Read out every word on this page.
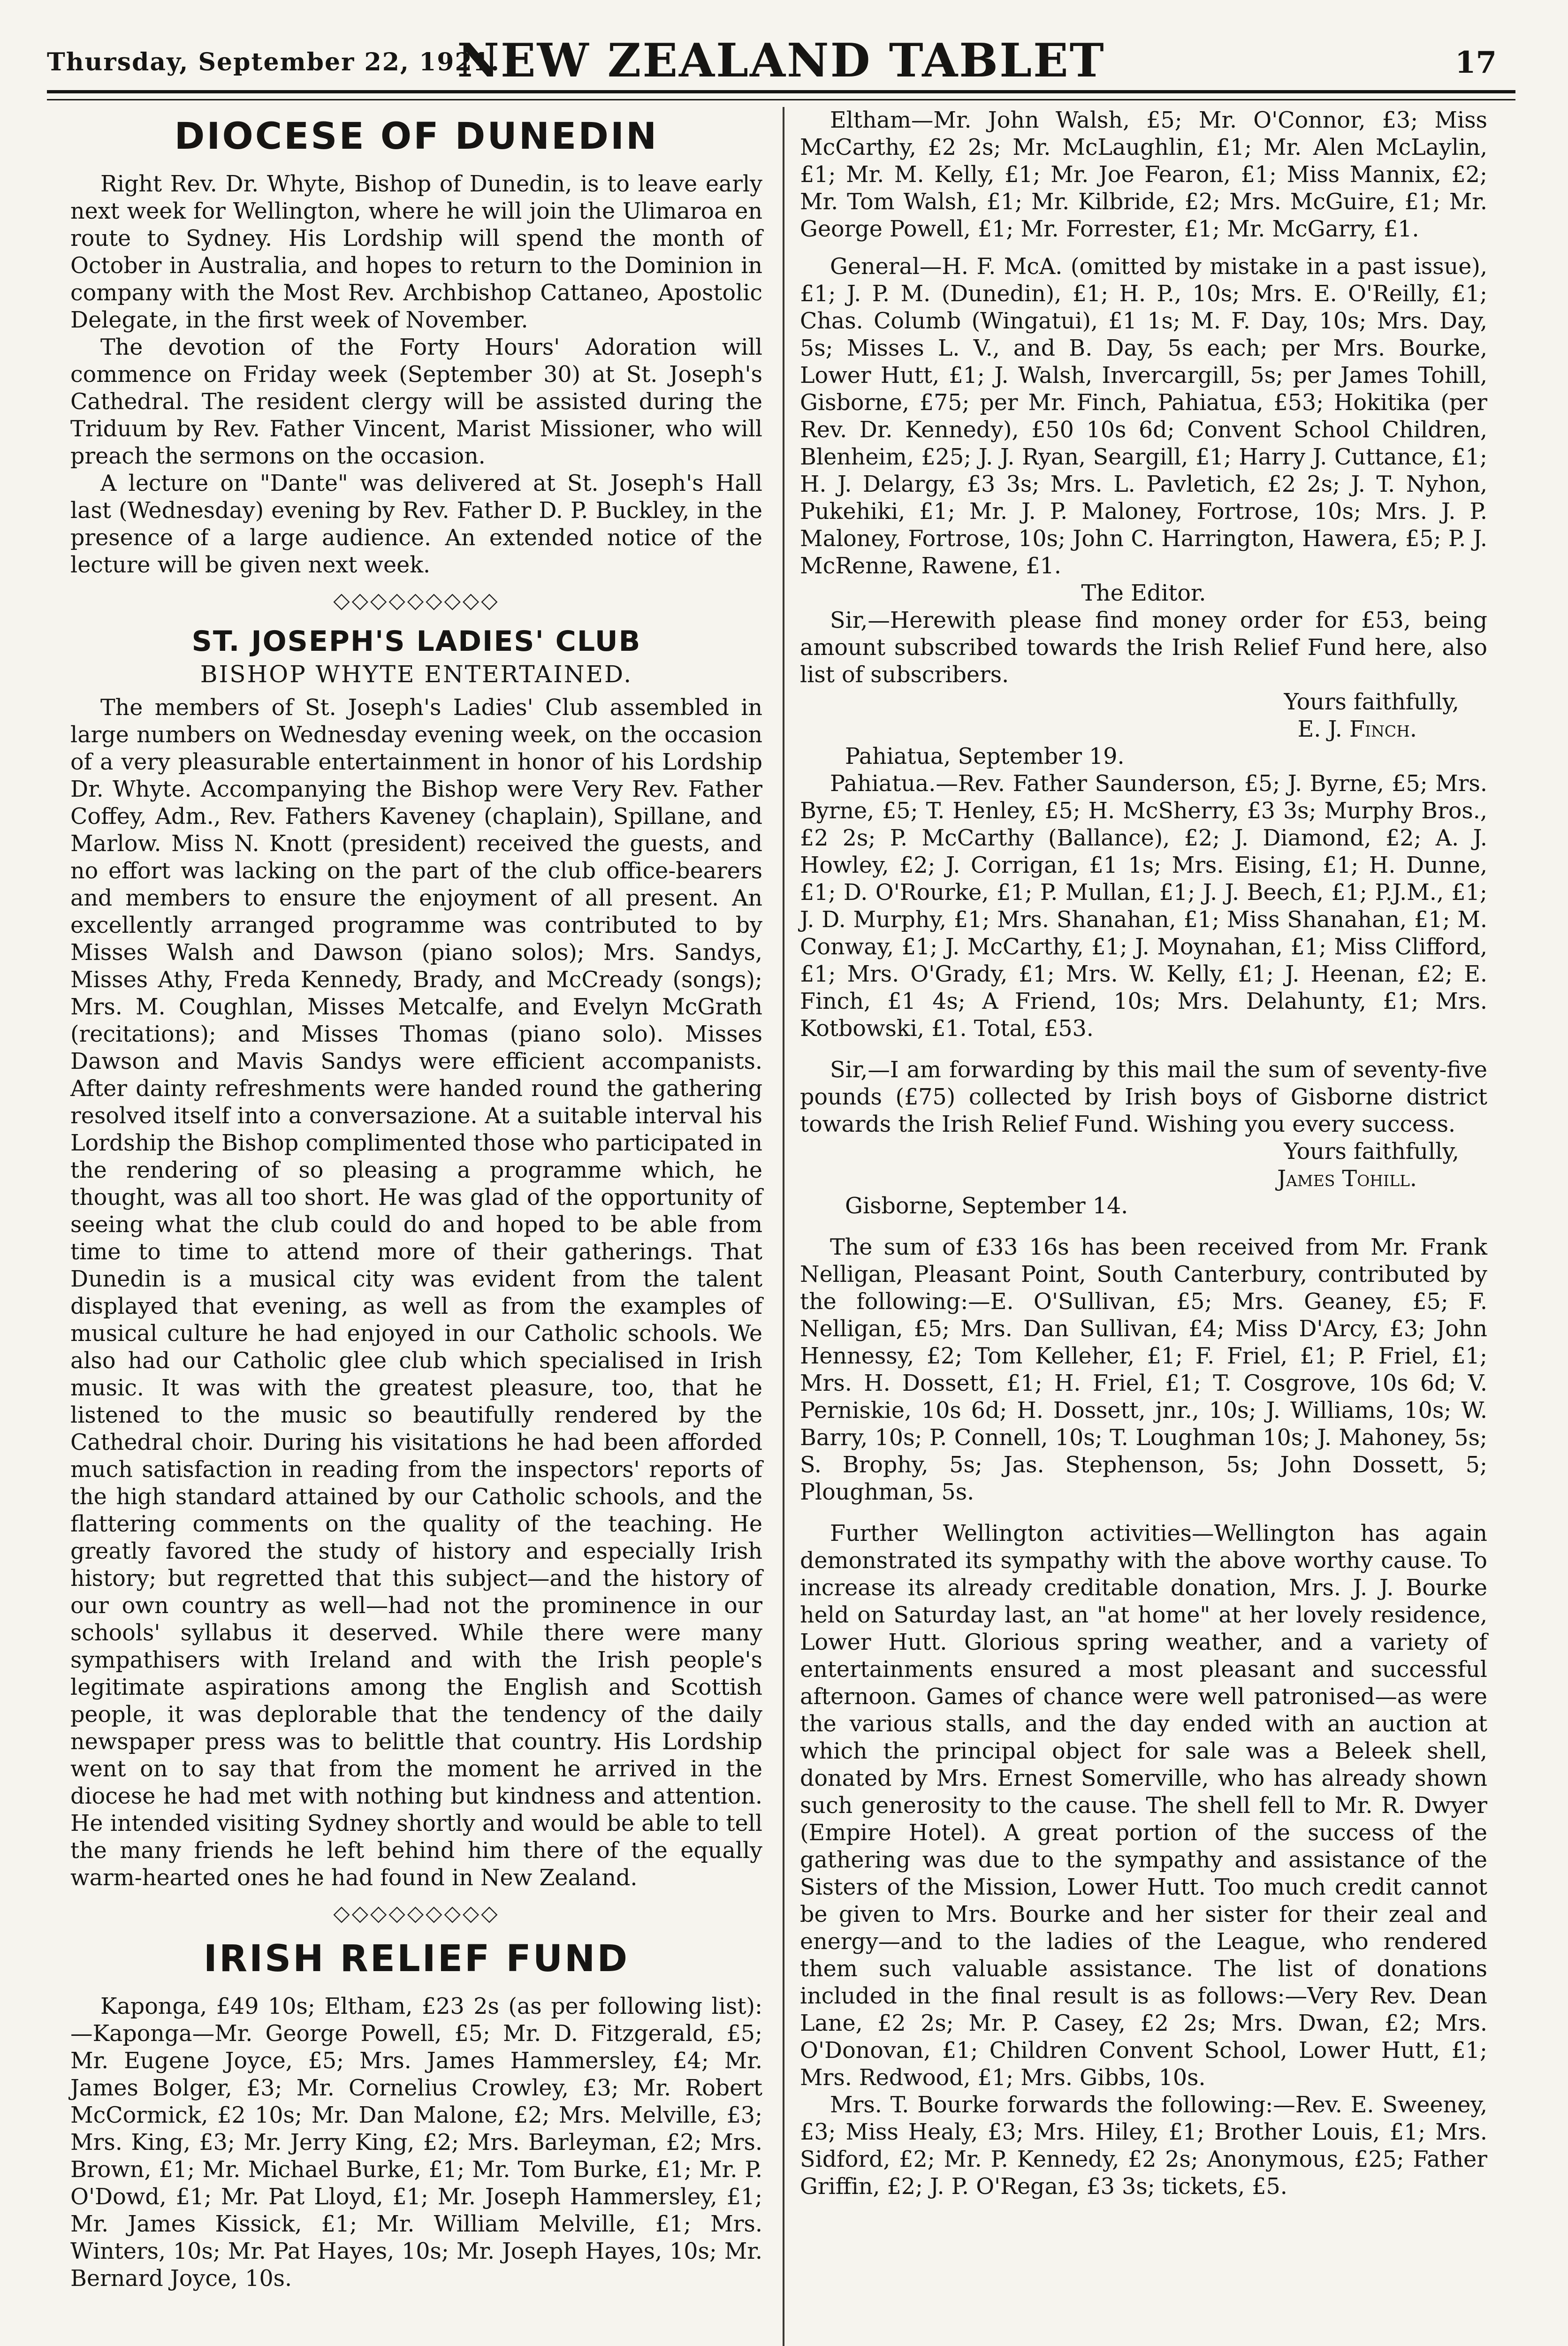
Thursday, September 22, 1921.
NEW ZEALAND TABLET	17
DIOCESE OF DUNEDIN

Right Rev. Dr. Whyte, Bishop of Dunedin, is to leave early next week for Wellington, where he will join the Ulimaroa en route to Sydney. His Lordship will spend the month of October in Australia, and hopes to return to the Dominion in company with the Most Rev. Archbishop Cattaneo, Apostolic Delegate, in the first week of November.

The devotion of the Forty Hours' Adoration will commence on Friday week (September 30) at St. Joseph's Cathedral. The resident clergy will be assisted during the Triduum by Rev. Father Vincent, Marist Missioner, who will preach the sermons on the occasion.

A lecture on "Dante" was delivered at St. Joseph's Hall last (Wednesday) evening by Rev. Father D. P. Buckley, in the presence of a large audience. An extended notice of the lecture will be given next week.

◇◇◇◇◇◇◇◇◇
ST. JOSEPH'S LADIES' CLUB
BISHOP WHYTE ENTERTAINED.

The members of St. Joseph's Ladies' Club assembled in large numbers on Wednesday evening week, on the occasion of a very pleasurable entertainment in honor of his Lordship Dr. Whyte. Accompanying the Bishop were Very Rev. Father Coffey, Adm., Rev. Fathers Kaveney (chaplain), Spillane, and Marlow. Miss N. Knott (president) received the guests, and no effort was lacking on the part of the club office-bearers and members to ensure the enjoyment of all present. An excellently arranged programme was contributed to by Misses Walsh and Dawson (piano solos); Mrs. Sandys, Misses Athy, Freda Kennedy, Brady, and McCready (songs); Mrs. M. Coughlan, Misses Metcalfe, and Evelyn McGrath (recitations); and Misses Thomas (piano solo). Misses Dawson and Mavis Sandys were efficient accompanists. After dainty refreshments were handed round the gathering resolved itself into a conversazione. At a suitable interval his Lordship the Bishop complimented those who participated in the rendering of so pleasing a programme which, he thought, was all too short. He was glad of the opportunity of seeing what the club could do and hoped to be able from time to time to attend more of their gatherings. That Dunedin is a musical city was evident from the talent displayed that evening, as well as from the examples of musical culture he had enjoyed in our Catholic schools. We also had our Catholic glee club which specialised in Irish music. It was with the greatest pleasure, too, that he listened to the music so beautifully rendered by the Cathedral choir. During his visitations he had been afforded much satisfaction in reading from the inspectors' reports of the high standard attained by our Catholic schools, and the flattering comments on the quality of the teaching. He greatly favored the study of history and especially Irish history; but regretted that this subject—and the history of our own country as well—had not the prominence in our schools' syllabus it deserved. While there were many sympathisers with Ireland and with the Irish people's legitimate aspirations among the English and Scottish people, it was deplorable that the tendency of the daily newspaper press was to belittle that country. His Lordship went on to say that from the moment he arrived in the diocese he had met with nothing but kindness and attention. He intended visiting Sydney shortly and would be able to tell the many friends he left behind him there of the equally warm-hearted ones he had found in New Zealand.

◇◇◇◇◇◇◇◇◇
IRISH RELIEF FUND

Kaponga, £49 10s; Eltham, £23 2s (as per following list):—Kaponga—Mr. George Powell, £5; Mr. D. Fitzgerald, £5; Mr. Eugene Joyce, £5; Mrs. James Hammersley, £4; Mr. James Bolger, £3; Mr. Cornelius Crowley, £3; Mr. Robert McCormick, £2 10s; Mr. Dan Malone, £2; Mrs. Melville, £3; Mrs. King, £3; Mr. Jerry King, £2; Mrs. Barleyman, £2; Mrs. Brown, £1; Mr. Michael Burke, £1; Mr. Tom Burke, £1; Mr. P. O'Dowd, £1; Mr. Pat Lloyd, £1; Mr. Joseph Hammersley, £1; Mr. James Kissick, £1; Mr. William Melville, £1; Mrs. Winters, 10s; Mr. Pat Hayes, 10s; Mr. Joseph Hayes, 10s; Mr. Bernard Joyce, 10s.

Eltham—Mr. John Walsh, £5; Mr. O'Connor, £3; Miss McCarthy, £2 2s; Mr. McLaughlin, £1; Mr. Alen McLaylin, £1; Mr. M. Kelly, £1; Mr. Joe Fearon, £1; Miss Mannix, £2; Mr. Tom Walsh, £1; Mr. Kilbride, £2; Mrs. McGuire, £1; Mr. George Powell, £1; Mr. Forrester, £1; Mr. McGarry, £1.

General—H. F. McA. (omitted by mistake in a past issue), £1; J. P. M. (Dunedin), £1; H. P., 10s; Mrs. E. O'Reilly, £1; Chas. Columb (Wingatui), £1 1s; M. F. Day, 10s; Mrs. Day, 5s; Misses L. V., and B. Day, 5s each; per Mrs. Bourke, Lower Hutt, £1; J. Walsh, Invercargill, 5s; per James Tohill, Gisborne, £75; per Mr. Finch, Pahiatua, £53; Hokitika (per Rev. Dr. Kennedy), £50 10s 6d; Convent School Children, Blenheim, £25; J. J. Ryan, Seargill, £1; Harry J. Cuttance, £1; H. J. Delargy, £3 3s; Mrs. L. Pavletich, £2 2s; J. T. Nyhon, Pukehiki, £1; Mr. J. P. Maloney, Fortrose, 10s; Mrs. J. P. Maloney, Fortrose, 10s; John C. Harrington, Hawera, £5; P. J. McRenne, Rawene, £1.

The Editor.

Sir,—Herewith please find money order for £53, being amount subscribed towards the Irish Relief Fund here, also list of subscribers.

Yours faithfully,
E. J. Finch.
Pahiatua, September 19.

Pahiatua.—Rev. Father Saunderson, £5; J. Byrne, £5; Mrs. Byrne, £5; T. Henley, £5; H. McSherry, £3 3s; Murphy Bros., £2 2s; P. McCarthy (Ballance), £2; J. Diamond, £2; A. J. Howley, £2; J. Corrigan, £1 1s; Mrs. Eising, £1; H. Dunne, £1; D. O'Rourke, £1; P. Mullan, £1; J. J. Beech, £1; P.J.M., £1; J. D. Murphy, £1; Mrs. Shanahan, £1; Miss Shanahan, £1; M. Conway, £1; J. McCarthy, £1; J. Moynahan, £1; Miss Clifford, £1; Mrs. O'Grady, £1; Mrs. W. Kelly, £1; J. Heenan, £2; E. Finch, £1 4s; A Friend, 10s; Mrs. Delahunty, £1; Mrs. Kotbowski, £1. Total, £53.

Sir,—I am forwarding by this mail the sum of seventy-five pounds (£75) collected by Irish boys of Gisborne district towards the Irish Relief Fund. Wishing you every success.

Yours faithfully,
James Tohill.
Gisborne, September 14.

The sum of £33 16s has been received from Mr. Frank Nelligan, Pleasant Point, South Canterbury, contributed by the following:—E. O'Sullivan, £5; Mrs. Geaney, £5; F. Nelligan, £5; Mrs. Dan Sullivan, £4; Miss D'Arcy, £3; John Hennessy, £2; Tom Kelleher, £1; F. Friel, £1; P. Friel, £1; Mrs. H. Dossett, £1; H. Friel, £1; T. Cosgrove, 10s 6d; V. Perniskie, 10s 6d; H. Dossett, jnr., 10s; J. Williams, 10s; W. Barry, 10s; P. Connell, 10s; T. Loughman 10s; J. Mahoney, 5s; S. Brophy, 5s; Jas. Stephenson, 5s; John Dossett, 5; Ploughman, 5s.

Further Wellington activities—Wellington has again demonstrated its sympathy with the above worthy cause. To increase its already creditable donation, Mrs. J. J. Bourke held on Saturday last, an "at home" at her lovely residence, Lower Hutt. Glorious spring weather, and a variety of entertainments ensured a most pleasant and successful afternoon. Games of chance were well patronised—as were the various stalls, and the day ended with an auction at which the principal object for sale was a Beleek shell, donated by Mrs. Ernest Somerville, who has already shown such generosity to the cause. The shell fell to Mr. R. Dwyer (Empire Hotel). A great portion of the success of the gathering was due to the sympathy and assistance of the Sisters of the Mission, Lower Hutt. Too much credit cannot be given to Mrs. Bourke and her sister for their zeal and energy—and to the ladies of the League, who rendered them such valuable assistance. The list of donations included in the final result is as follows:—Very Rev. Dean Lane, £2 2s; Mr. P. Casey, £2 2s; Mrs. Dwan, £2; Mrs. O'Donovan, £1; Children Convent School, Lower Hutt, £1; Mrs. Redwood, £1; Mrs. Gibbs, 10s.

Mrs. T. Bourke forwards the following:—Rev. E. Sweeney, £3; Miss Healy, £3; Mrs. Hiley, £1; Brother Louis, £1; Mrs. Sidford, £2; Mr. P. Kennedy, £2 2s; Anonymous, £25; Father Griffin, £2; J. P. O'Regan, £3 3s; tickets, £5.
